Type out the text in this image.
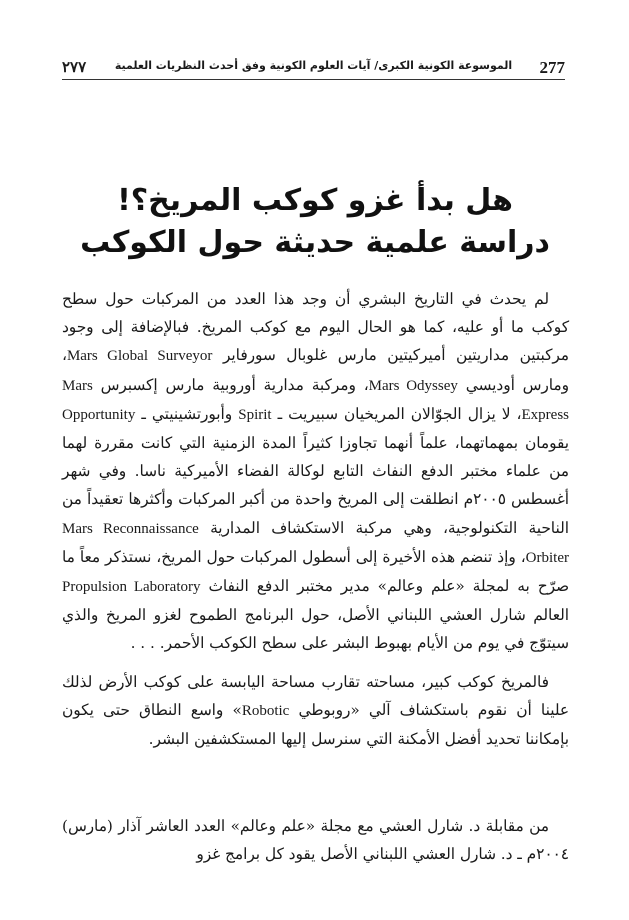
٢٧٧	الموسوعة الكونية الكبرى/ آيات العلوم الكونية وفق أحدث النظريات العلمية	277
هل بدأ غزو كوكب المريخ؟!
دراسة علمية حديثة حول الكوكب

لم يحدث في التاريخ البشري أن وجد هذا العدد من المركبات حول سطح كوكب ما أو عليه، كما هو الحال اليوم مع كوكب المريخ. فبالإضافة إلى وجود مركبتين مداريتين أميركيتين مارس غلوبال سورفاير Mars Global Surveyor، ومارس أوديسي Mars Odyssey، ومركبة مدارية أوروبية مارس إكسبرس Mars Express، لا يزال الجوّالان المريخيان سبيريت ـ Spirit وأبورتشينيتي ـ Opportunity يقومان بمهماتهما، علماً أنهما تجاوزا كثيراً المدة الزمنية التي كانت مقررة لهما من علماء مختبر الدفع النفاث التابع لوكالة الفضاء الأميركية ناسا. وفي شهر أغسطس ٢٠٠٥م انطلقت إلى المريخ واحدة من أكبر المركبات وأكثرها تعقيداً من الناحية التكنولوجية، وهي مركبة الاستكشاف المدارية Mars Reconnaissance Orbiter، وإذ تنضم هذه الأخيرة إلى أسطول المركبات حول المريخ، نستذكر معاً ما صرّح به لمجلة «علم وعالم» مدير مختبر الدفع النفاث Propulsion Laboratory العالم شارل العشي اللبناني الأصل، حول البرنامج الطموح لغزو المريخ والذي سيتوّج في يوم من الأيام بهبوط البشر على سطح الكوكب الأحمر. . . .

فالمريخ كوكب كبير، مساحته تقارب مساحة اليابسة على كوكب الأرض لذلك علينا أن نقوم باستكشاف آلي «روبوطي Robotic» واسع النطاق حتى يكون بإمكاننا تحديد أفضل الأمكنة التي سنرسل إليها المستكشفين البشر.

من مقابلة د. شارل العشي مع مجلة «علم وعالم» العدد العاشر آذار (مارس) ٢٠٠٤م ـ د. شارل العشي اللبناني الأصل يقود كل برامج غزو
